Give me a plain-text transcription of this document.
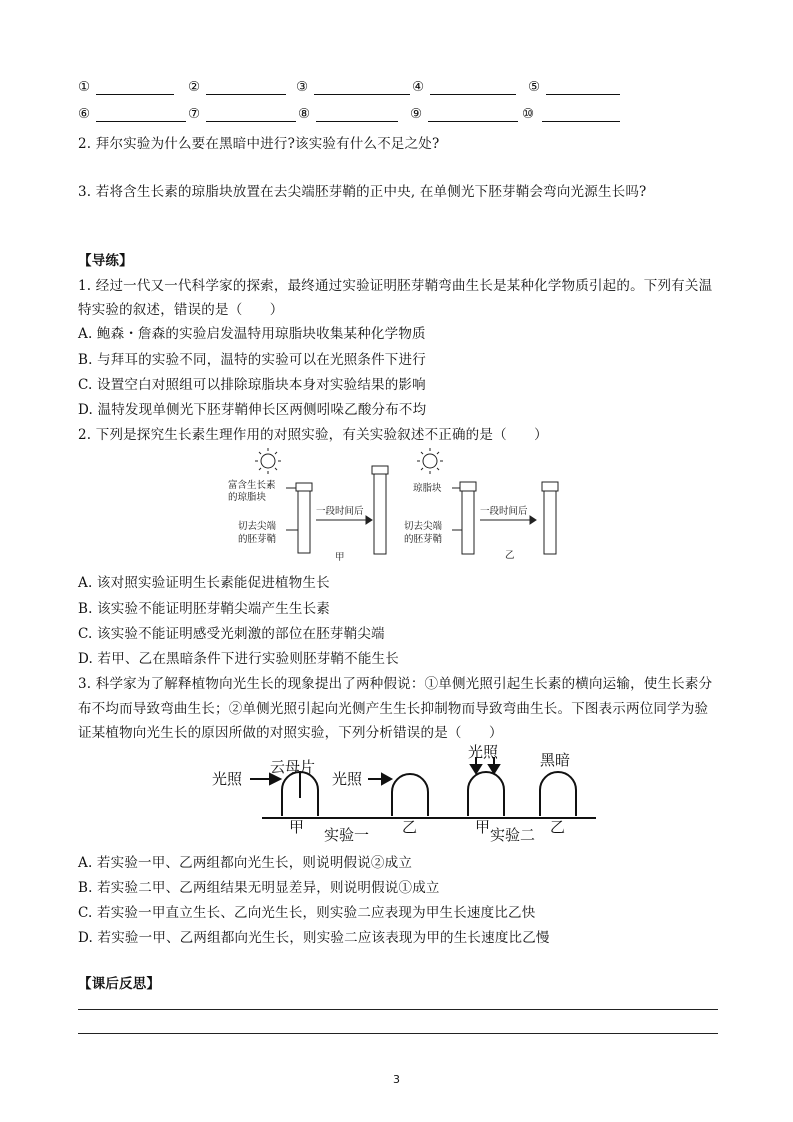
①	②	③	④	⑤
⑥	⑦	⑧	⑨	⑩
2. 拜尔实验为什么要在黑暗中进行?该实验有什么不足之处?
3. 若将含生长素的琼脂块放置在去尖端胚芽鞘的正中央, 在单侧光下胚芽鞘会弯向光源生长吗?
【导练】
1. 经过一代又一代科学家的探索，最终通过实验证明胚芽鞘弯曲生长是某种化学物质引起的。下列有关温
特实验的叙述，错误的是（　　）
A. 鲍森・詹森的实验启发温特用琼脂块收集某种化学物质
B. 与拜耳的实验不同，温特的实验可以在光照条件下进行
C. 设置空白对照组可以排除琼脂块本身对实验结果的影响
D. 温特发现单侧光下胚芽鞘伸长区两侧吲哚乙酸分布不均
2. 下列是探究生长素生理作用的对照实验，有关实验叙述不正确的是（　　）
富含生长素
的琼脂块
切去尖端
的胚芽鞘
一段时间后
甲
琼脂块
切去尖端
的胚芽鞘
一段时间后
乙
A. 该对照实验证明生长素能促进植物生长
B. 该实验不能证明胚芽鞘尖端产生生长素
C. 该实验不能证明感受光刺激的部位在胚芽鞘尖端
D. 若甲、乙在黑暗条件下进行实验则胚芽鞘不能生长
3. 科学家为了解释植物向光生长的现象提出了两种假说：①单侧光照引起生长素的横向运输，使生长素分
布不均而导致弯曲生长；②单侧光照引起向光侧产生生长抑制物而导致弯曲生长。下图表示两位同学为验
证某植物向光生长的原因所做的对照实验，下列分析错误的是（　　）
光照
云母片
光照
甲	乙
实验一
光照	黑暗
甲	乙
实验二
A. 若实验一甲、乙两组都向光生长，则说明假说②成立
B. 若实验二甲、乙两组结果无明显差异，则说明假说①成立
C. 若实验一甲直立生长、乙向光生长，则实验二应表现为甲生长速度比乙快
D. 若实验一甲、乙两组都向光生长，则实验二应该表现为甲的生长速度比乙慢
【课后反思】
3
